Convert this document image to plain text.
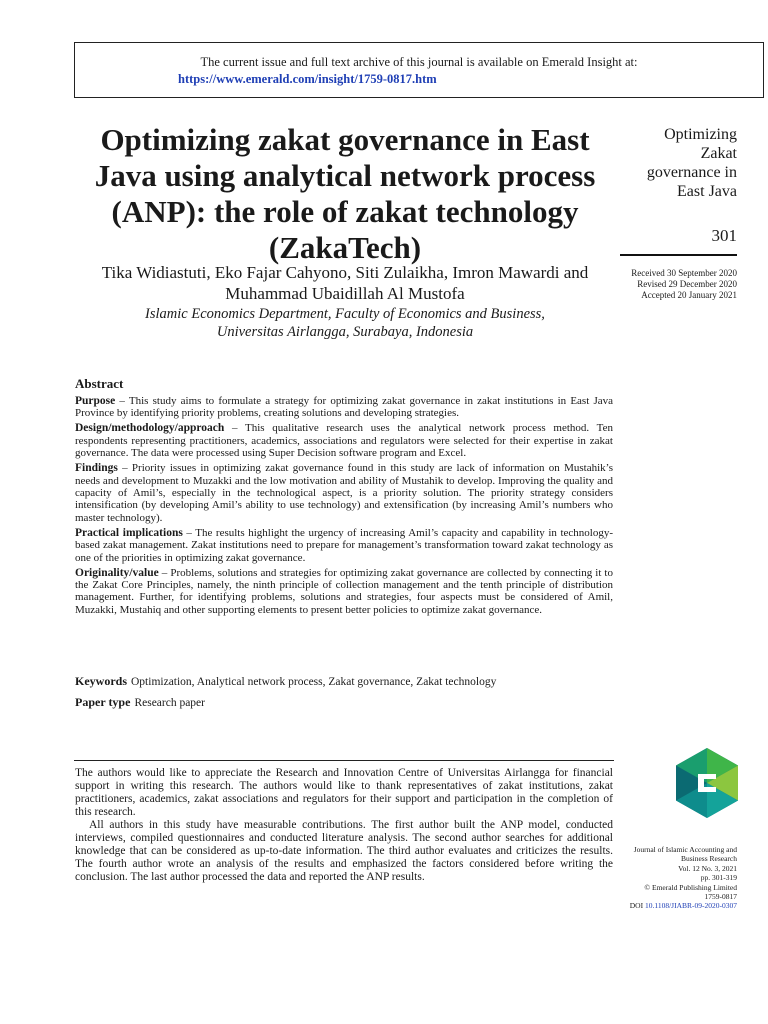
The current issue and full text archive of this journal is available on Emerald Insight at:
https://www.emerald.com/insight/1759-0817.htm
Optimizing zakat governance in East Java using analytical network process (ANP): the role of zakat technology (ZakaTech)
Tika Widiastuti, Eko Fajar Cahyono, Siti Zulaikha, Imron Mawardi and Muhammad Ubaidillah Al Mustofa
Islamic Economics Department, Faculty of Economics and Business,
Universitas Airlangga, Surabaya, Indonesia
Optimizing
Zakat
governance in
East Java
301
Received 30 September 2020
Revised 29 December 2020
Accepted 20 January 2021
Abstract

Purpose – This study aims to formulate a strategy for optimizing zakat governance in zakat institutions in East Java Province by identifying priority problems, creating solutions and developing strategies.

Design/methodology/approach – This qualitative research uses the analytical network process method. Ten respondents representing practitioners, academics, associations and regulators were selected for their expertise in zakat governance. The data were processed using Super Decision software program and Excel.

Findings – Priority issues in optimizing zakat governance found in this study are lack of information on Mustahik’s needs and development to Muzakki and the low motivation and ability of Mustahik to develop. Improving the quality and capacity of Amil’s, especially in the technological aspect, is a priority solution. The priority strategy considers intensification (by developing Amil’s ability to use technology) and extensification (by increasing Amil’s numbers who master technology).

Practical implications – The results highlight the urgency of increasing Amil’s capacity and capability in technology-based zakat management. Zakat institutions need to prepare for management’s transformation toward zakat technology as one of the priorities in optimizing zakat governance.

Originality/value – Problems, solutions and strategies for optimizing zakat governance are collected by connecting it to the Zakat Core Principles, namely, the ninth principle of collection management and the tenth principle of distribution management. Further, for identifying problems, solutions and strategies, four aspects must be considered of Amil, Muzakki, Mustahiq and other supporting elements to present better policies to optimize zakat governance.

Keywords Optimization, Analytical network process, Zakat governance, Zakat technology
Paper type Research paper

The authors would like to appreciate the Research and Innovation Centre of Universitas Airlangga for financial support in writing this research. The authors would like to thank representatives of zakat institutions, zakat practitioners, academics, zakat associations and regulators for their support and participation in the completion of this research.

All authors in this study have measurable contributions. The first author built the ANP model, conducted interviews, compiled questionnaires and conducted literature analysis. The second author searches for additional knowledge that can be considered as up-to-date information. The third author evaluates and criticizes the results. The fourth author wrote an analysis of the results and emphasized the factors considered before writing the conclusion. The last author processed the data and reported the ANP results.

Journal of Islamic Accounting and
Business Research
Vol. 12 No. 3, 2021
pp. 301-319
© Emerald Publishing Limited
1759-0817
DOI 10.1108/JIABR-09-2020-0307
